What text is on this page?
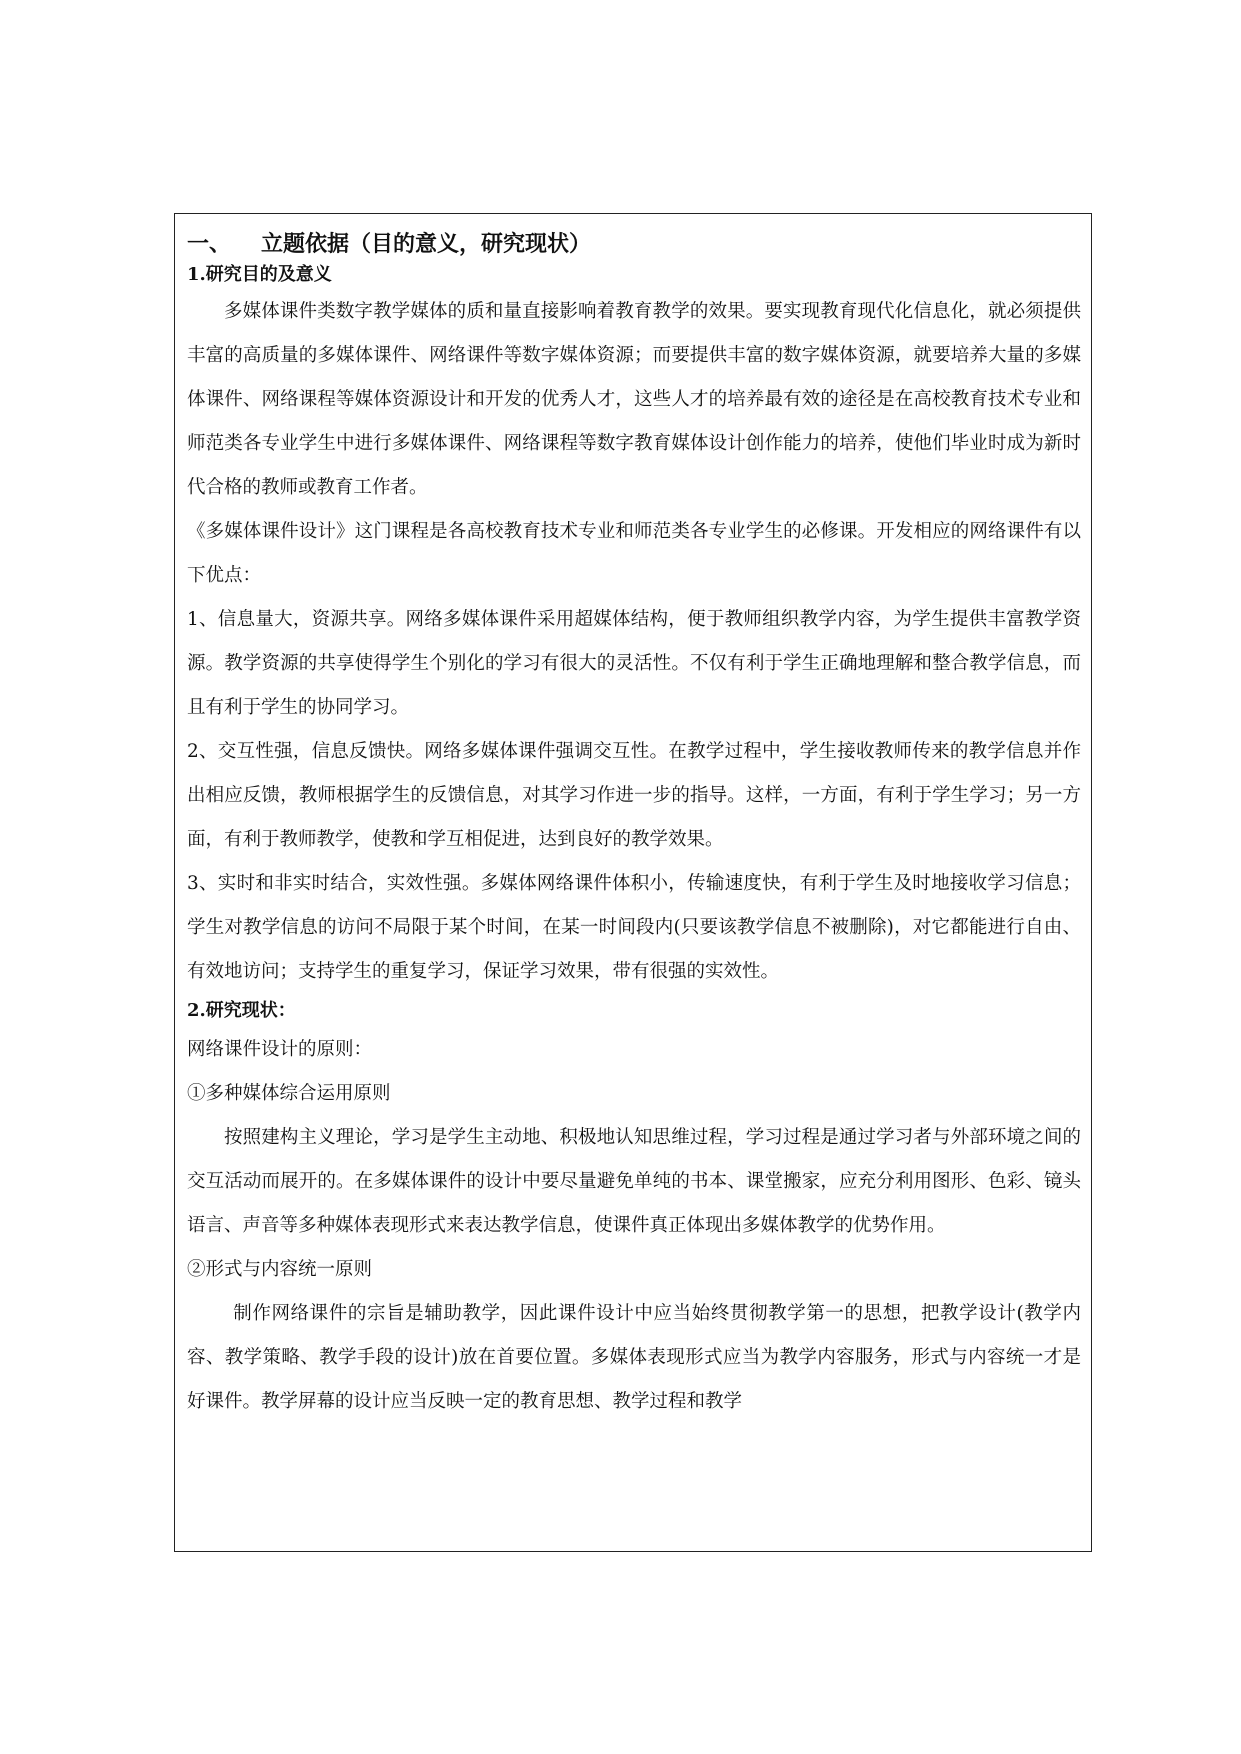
一、 立题依据（目的意义，研究现状）
1.研究目的及意义

多媒体课件类数字教学媒体的质和量直接影响着教育教学的效果。要实现教育现代化信息化，就必须提供丰富的高质量的多媒体课件、网络课件等数字媒体资源；而要提供丰富的数字媒体资源，就要培养大量的多媒体课件、网络课程等媒体资源设计和开发的优秀人才，这些人才的培养最有效的途径是在高校教育技术专业和师范类各专业学生中进行多媒体课件、网络课程等数字教育媒体设计创作能力的培养，使他们毕业时成为新时代合格的教师或教育工作者。

《多媒体课件设计》这门课程是各高校教育技术专业和师范类各专业学生的必修课。开发相应的网络课件有以下优点：

1、信息量大，资源共享。网络多媒体课件采用超媒体结构，便于教师组织教学内容，为学生提供丰富教学资源。教学资源的共享使得学生个别化的学习有很大的灵活性。不仅有利于学生正确地理解和整合教学信息，而且有利于学生的协同学习。

2、交互性强，信息反馈快。网络多媒体课件强调交互性。在教学过程中，学生接收教师传来的教学信息并作出相应反馈，教师根据学生的反馈信息，对其学习作进一步的指导。这样，一方面，有利于学生学习；另一方面，有利于教师教学，使教和学互相促进，达到良好的教学效果。

3、实时和非实时结合，实效性强。多媒体网络课件体积小，传输速度快，有利于学生及时地接收学习信息；学生对教学信息的访问不局限于某个时间，在某一时间段内(只要该教学信息不被删除)，对它都能进行自由、有效地访问；支持学生的重复学习，保证学习效果，带有很强的实效性。

2.研究现状：
网络课件设计的原则：
①多种媒体综合运用原则

按照建构主义理论，学习是学生主动地、积极地认知思维过程，学习过程是通过学习者与外部环境之间的交互活动而展开的。在多媒体课件的设计中要尽量避免单纯的书本、课堂搬家，应充分利用图形、色彩、镜头语言、声音等多种媒体表现形式来表达教学信息，使课件真正体现出多媒体教学的优势作用。

②形式与内容统一原则

制作网络课件的宗旨是辅助教学，因此课件设计中应当始终贯彻教学第一的思想，把教学设计(教学内容、教学策略、教学手段的设计)放在首要位置。多媒体表现形式应当为教学内容服务，形式与内容统一才是好课件。教学屏幕的设计应当反映一定的教育思想、教学过程和教学
